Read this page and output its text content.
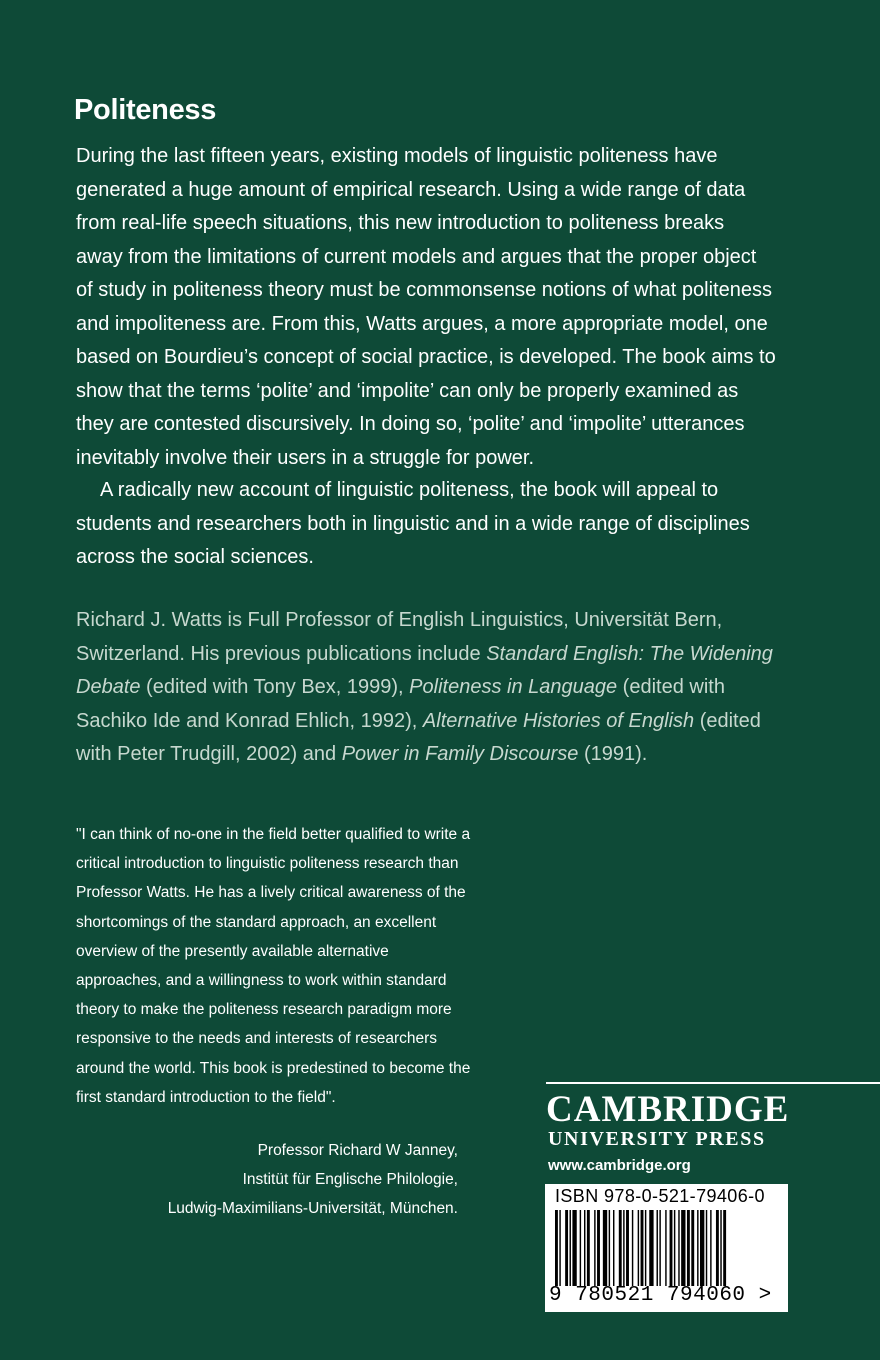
Politeness

During the last fifteen years, existing models of linguistic politeness have generated a huge amount of empirical research. Using a wide range of data from real-life speech situations, this new introduction to politeness breaks away from the limitations of current models and argues that the proper object of study in politeness theory must be commonsense notions of what politeness and impoliteness are. From this, Watts argues, a more appropriate model, one based on Bourdieu’s concept of social practice, is developed. The book aims to show that the terms ‘polite’ and ‘impolite’ can only be properly examined as they are contested discursively. In doing so, ‘polite’ and ‘impolite’ utterances inevitably involve their users in a struggle for power.

A radically new account of linguistic politeness, the book will appeal to students and researchers both in linguistic and in a wide range of disciplines across the social sciences.

Richard J. Watts is Full Professor of English Linguistics, Universität Bern, Switzerland. His previous publications include Standard English: The Widening Debate (edited with Tony Bex, 1999), Politeness in Language (edited with Sachiko Ide and Konrad Ehlich, 1992), Alternative Histories of English (edited with Peter Trudgill, 2002) and Power in Family Discourse (1991).

"I can think of no-one in the field better qualified to write a critical introduction to linguistic politeness research than Professor Watts. He has a lively critical awareness of the shortcomings of the standard approach, an excellent overview of the presently available alternative approaches, and a willingness to work within standard theory to make the politeness research paradigm more responsive to the needs and interests of researchers around the world. This book is predestined to become the first standard introduction to the field".

Professor Richard W Janney,
Institüt für Englische Philologie,
Ludwig-Maximilians-Universität, München.
CAMBRIDGE
UNIVERSITY PRESS
www.cambridge.org
ISBN 978-0-521-79406-0
9 780521 794060 >
